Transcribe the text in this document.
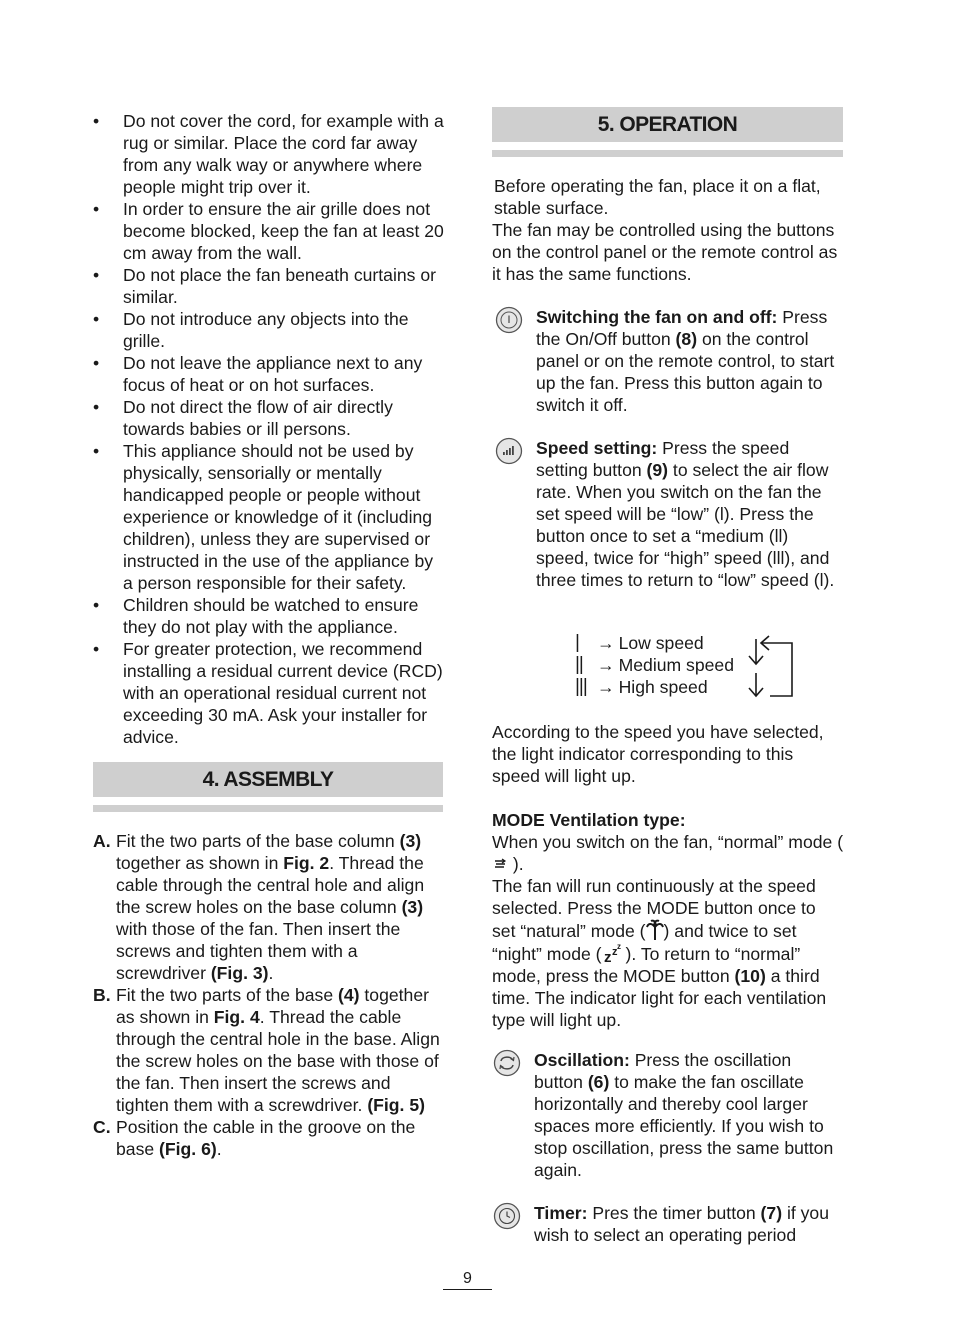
• Do not cover the cord, for example with a rug or similar. Place the cord far away from any walk way or anywhere where people might trip over it.
• In order to ensure the air grille does not become blocked, keep the fan at least 20 cm away from the wall.
• Do not place the fan beneath curtains or similar.
• Do not introduce any objects into the grille.
• Do not leave the appliance next to any focus of heat or on hot surfaces.
• Do not direct the flow of air directly towards babies or ill persons.
• This appliance should not be used by physically, sensorially or mentally handicapped people or people without experience or knowledge of it (including children), unless they are supervised or instructed in the use of the appliance by a person responsible for their safety.
• Children should be watched to ensure they do not play with the appliance.
• For greater protection, we recommend installing a residual current device (RCD) with an operational residual current not exceeding 30 mA. Ask your installer for advice.
4. ASSEMBLY
A. Fit the two parts of the base column (3) together as shown in Fig. 2. Thread the cable through the central hole and align the screw holes on the base column (3) with those of the fan. Then insert the screws and tighten them with a screwdriver (Fig. 3).
B. Fit the two parts of the base (4) together as shown in Fig. 4. Thread the cable through the central hole in the base. Align the screw holes on the base with those of the fan. Then insert the screws and tighten them with a screwdriver. (Fig. 5)
C. Position the cable in the groove on the base (Fig. 6).
5. OPERATION

Before operating the fan, place it on a flat, stable surface.

The fan may be controlled using the buttons on the control panel or the remote control as it has the same functions.

Switching the fan on and off: Press the On/Off button (8) on the control panel or on the remote control, to start up the fan. Press this button again to switch it off.
Speed setting: Press the speed setting button (9) to select the air flow rate. When you switch on the fan the set speed will be “low” (l). Press the button once to set a “medium (ll) speed, twice for “high” speed (lll), and three times to return to “low” speed (l).
|	→ Low speed
|| → Medium speed
||| → High speed

According to the speed you have selected, the light indicator corresponding to this speed will light up.

MODE Ventilation type:

When you switch on the fan, “normal” mode (  ).

The fan will run continuously at the speed selected. Press the MODE button once to set “natural” mode ( ) and twice to set “night” mode ( z z z ). To return to “normal” mode, press the MODE button (10) a third time. The indicator light for each ventilation type will light up.

Oscillation: Press the oscillation button (6) to make the fan oscillate horizontally and thereby cool larger spaces more efficiently. If you wish to stop oscillation, press the same button again.
Timer: Pres the timer button (7) if you wish to select an operating period
9
